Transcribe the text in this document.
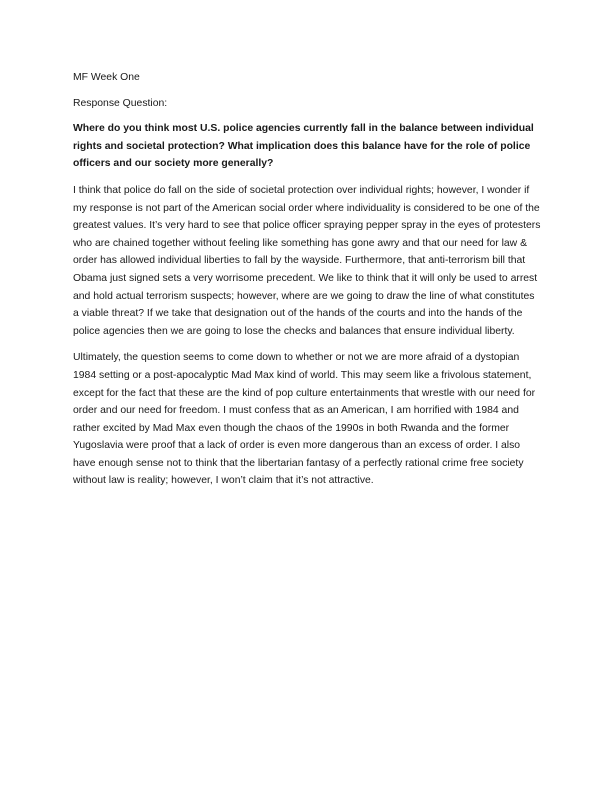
MF Week One

Response Question:

Where do you think most U.S. police agencies currently fall in the balance between individual rights and societal protection? What implication does this balance have for the role of police officers and our society more generally?

I think that police do fall on the side of societal protection over individual rights; however, I wonder if my response is not part of the American social order where individuality is considered to be one of the greatest values. It’s very hard to see that police officer spraying pepper spray in the eyes of protesters who are chained together without feeling like something has gone awry and that our need for law & order has allowed individual liberties to fall by the wayside. Furthermore, that anti-terrorism bill that Obama just signed sets a very worrisome precedent. We like to think that it will only be used to arrest and hold actual terrorism suspects; however, where are we going to draw the line of what constitutes a viable threat? If we take that designation out of the hands of the courts and into the hands of the police agencies then we are going to lose the checks and balances that ensure individual liberty.

Ultimately, the question seems to come down to whether or not we are more afraid of a dystopian 1984 setting or a post-apocalyptic Mad Max kind of world. This may seem like a frivolous statement, except for the fact that these are the kind of pop culture entertainments that wrestle with our need for order and our need for freedom. I must confess that as an American, I am horrified with 1984 and rather excited by Mad Max even though the chaos of the 1990s in both Rwanda and the former Yugoslavia were proof that a lack of order is even more dangerous than an excess of order. I also have enough sense not to think that the libertarian fantasy of a perfectly rational crime free society without law is reality; however, I won’t claim that it’s not attractive.
